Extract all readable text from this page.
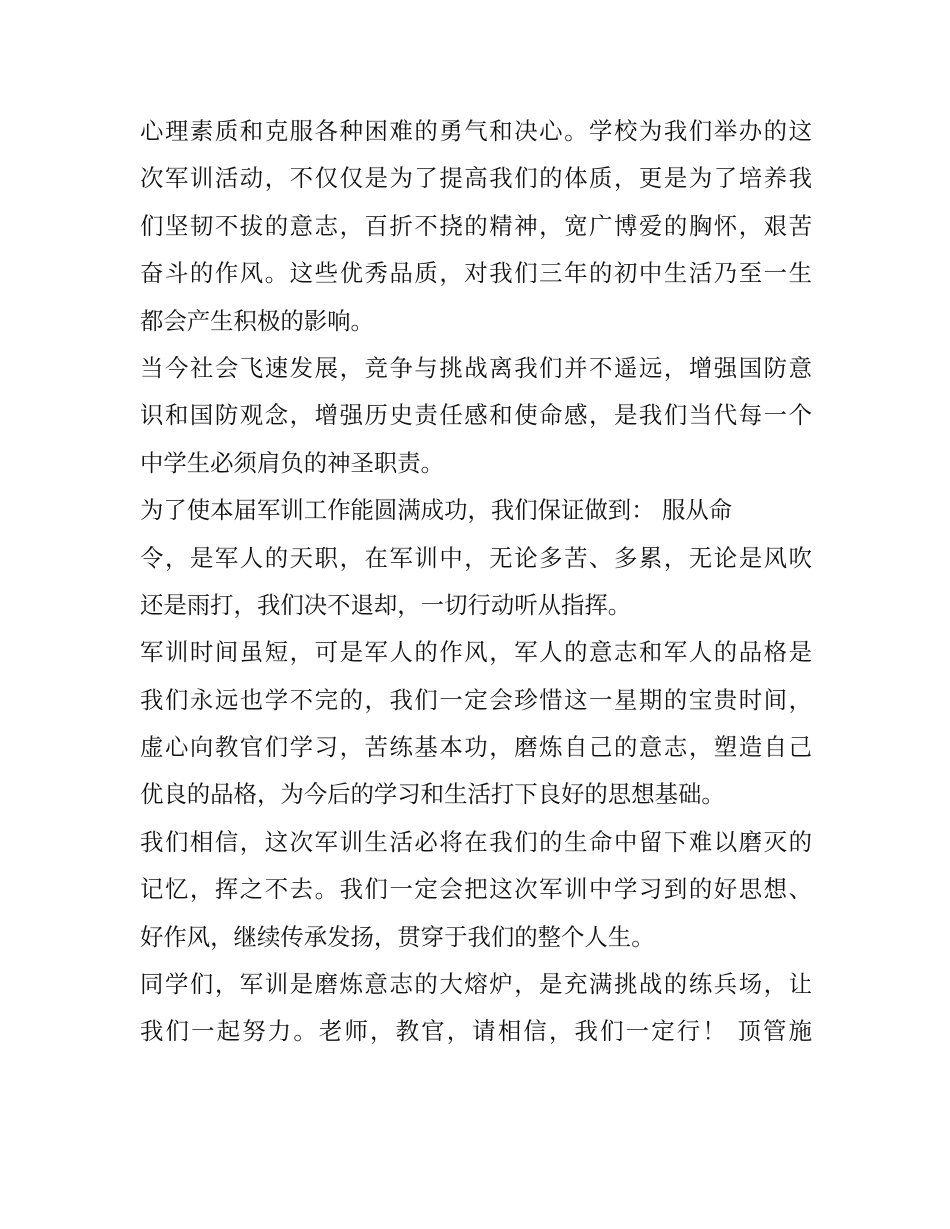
心理素质和克服各种困难的勇气和决心。学校为我们举办的这
次军训活动，不仅仅是为了提高我们的体质，更是为了培养我
们坚韧不拔的意志，百折不挠的精神，宽广博爱的胸怀，艰苦
奋斗的作风。这些优秀品质，对我们三年的初中生活乃至一生
都会产生积极的影响。
当今社会飞速发展，竞争与挑战离我们并不遥远，增强国防意
识和国防观念，增强历史责任感和使命感，是我们当代每一个
中学生必须肩负的神圣职责。
为了使本届军训工作能圆满成功，我们保证做到： 服从命
令，是军人的天职，在军训中，无论多苦、多累，无论是风吹
还是雨打，我们决不退却，一切行动听从指挥。
军训时间虽短，可是军人的作风，军人的意志和军人的品格是
我们永远也学不完的，我们一定会珍惜这一星期的宝贵时间，
虚心向教官们学习，苦练基本功，磨炼自己的意志，塑造自己
优良的品格，为今后的学习和生活打下良好的思想基础。
我们相信，这次军训生活必将在我们的生命中留下难以磨灭的
记忆，挥之不去。我们一定会把这次军训中学习到的好思想、
好作风，继续传承发扬，贯穿于我们的整个人生。
同学们，军训是磨炼意志的大熔炉，是充满挑战的练兵场，让
我们一起努力。老师，教官，请相信，我们一定行！ 顶管施
